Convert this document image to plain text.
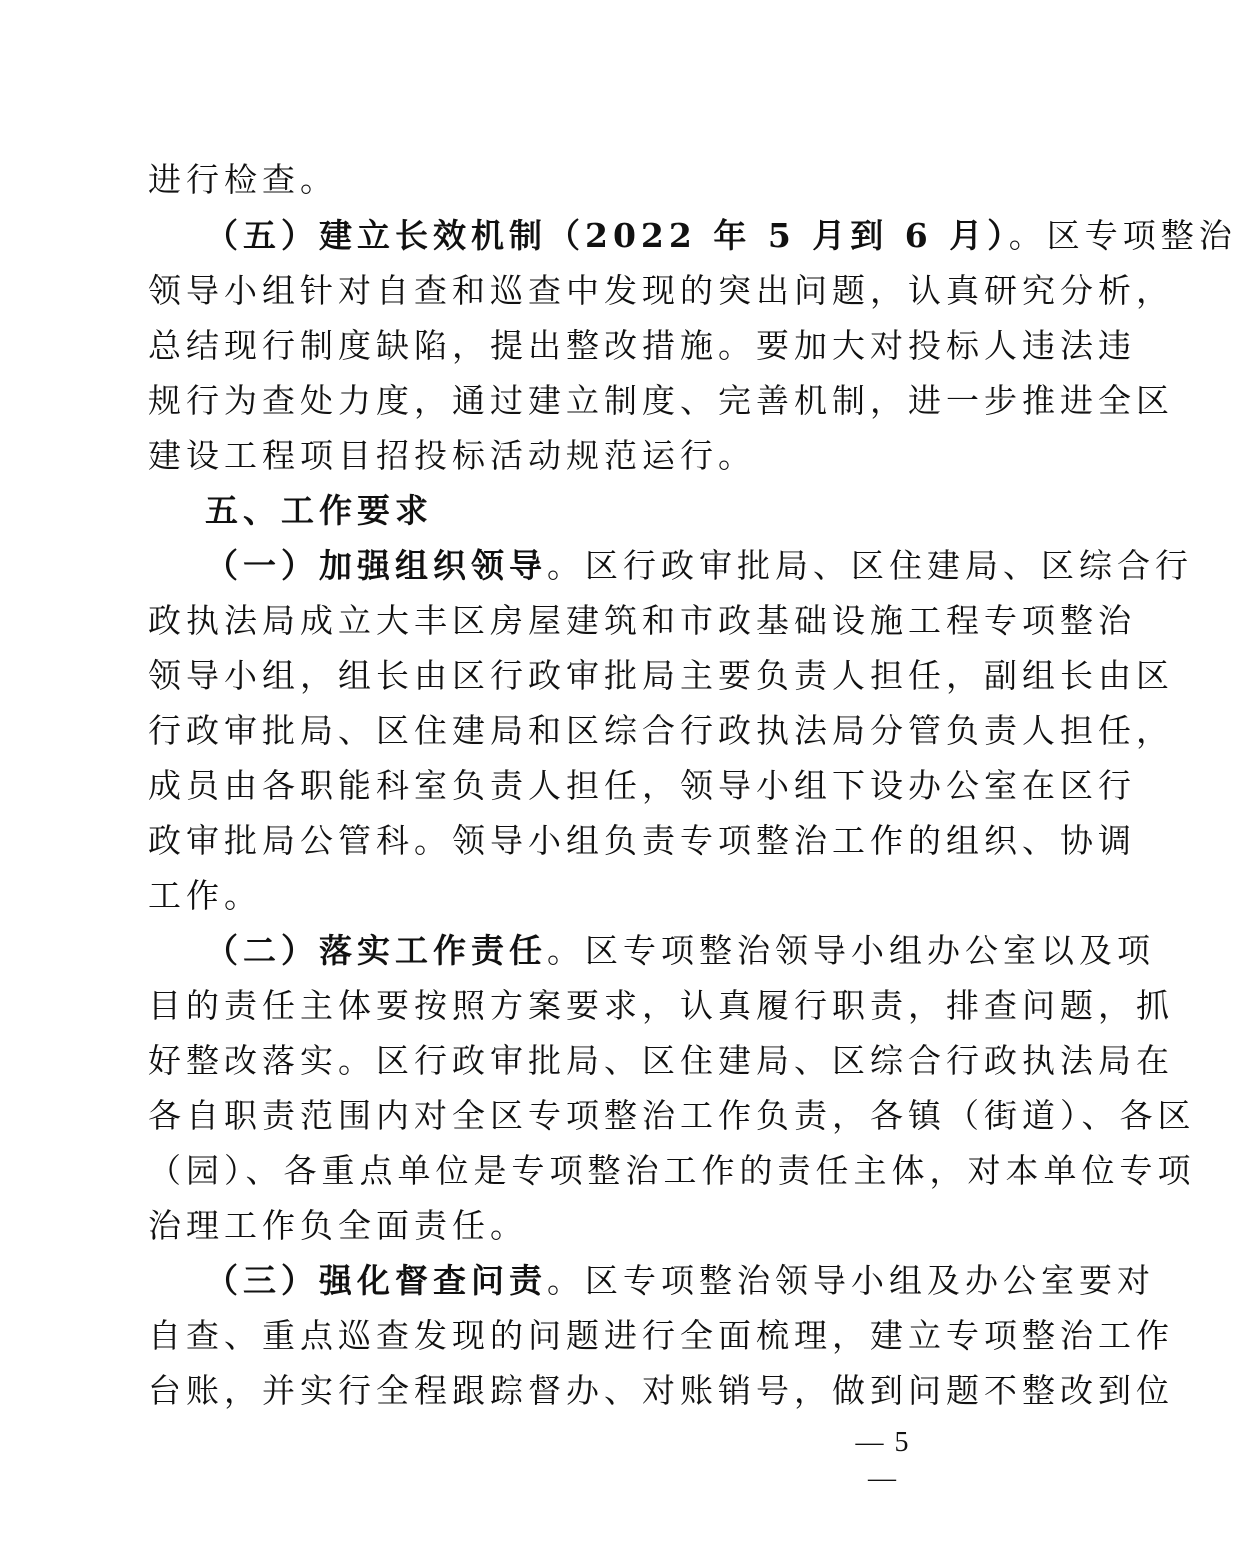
进行检查。
（五）建立长效机制（2022 年 5 月到 6 月）。区专项整治
领导小组针对自查和巡查中发现的突出问题，认真研究分析，
总结现行制度缺陷，提出整改措施。要加大对投标人违法违
规行为查处力度，通过建立制度、完善机制，进一步推进全区
建设工程项目招投标活动规范运行。
五、工作要求
（一）加强组织领导。区行政审批局、区住建局、区综合行
政执法局成立大丰区房屋建筑和市政基础设施工程专项整治
领导小组，组长由区行政审批局主要负责人担任，副组长由区
行政审批局、区住建局和区综合行政执法局分管负责人担任，
成员由各职能科室负责人担任，领导小组下设办公室在区行
政审批局公管科。领导小组负责专项整治工作的组织、协调
工作。
（二）落实工作责任。区专项整治领导小组办公室以及项
目的责任主体要按照方案要求，认真履行职责，排查问题，抓
好整改落实。区行政审批局、区住建局、区综合行政执法局在
各自职责范围内对全区专项整治工作负责，各镇（街道）、各区
（园）、各重点单位是专项整治工作的责任主体，对本单位专项
治理工作负全面责任。
（三）强化督查问责。区专项整治领导小组及办公室要对
自查、重点巡查发现的问题进行全面梳理，建立专项整治工作
台账，并实行全程跟踪督办、对账销号，做到问题不整改到位
— 5 —
